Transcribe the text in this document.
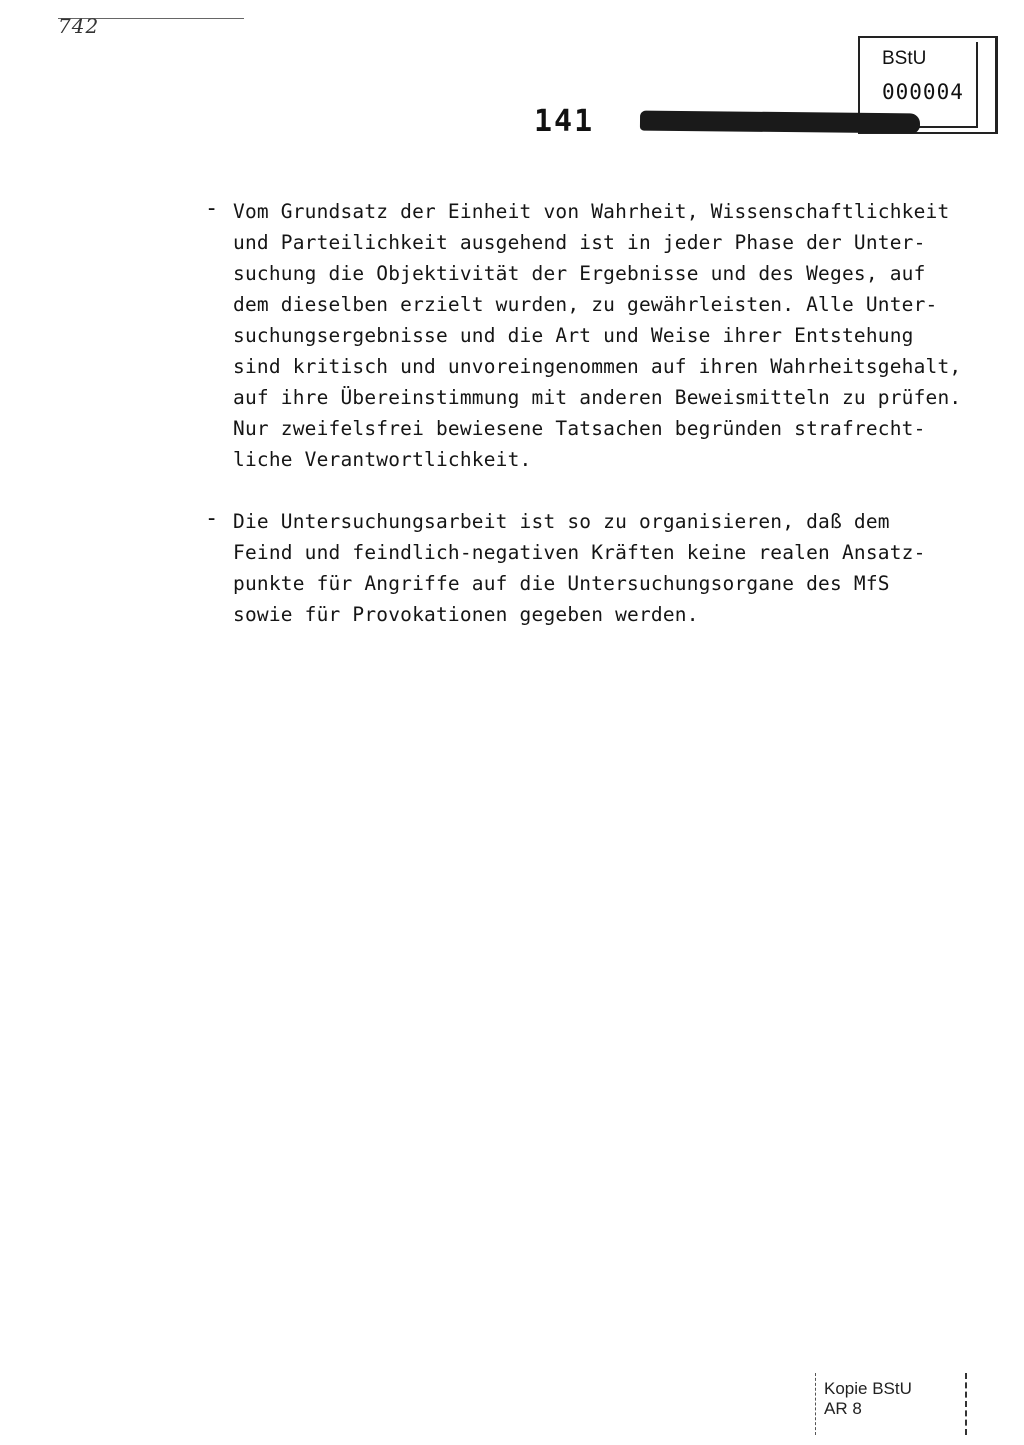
742
BStU
000004
141
- Vom Grundsatz der Einheit von Wahrheit, Wissenschaftlichkeit
und Parteilichkeit ausgehend ist in jeder Phase der Unter-
suchung die Objektivität der Ergebnisse und des Weges, auf
dem dieselben erzielt wurden, zu gewährleisten. Alle Unter-
suchungsergebnisse und die Art und Weise ihrer Entstehung
sind kritisch und unvoreingenommen auf ihren Wahrheitsgehalt,
auf ihre Übereinstimmung mit anderen Beweismitteln zu prüfen.
Nur zweifelsfrei bewiesene Tatsachen begründen strafrecht-
liche Verantwortlichkeit.
- Die Untersuchungsarbeit ist so zu organisieren, daß dem
Feind und feindlich-negativen Kräften keine realen Ansatz-
punkte für Angriffe auf die Untersuchungsorgane des MfS
sowie für Provokationen gegeben werden.
Kopie BStU
AR 8
